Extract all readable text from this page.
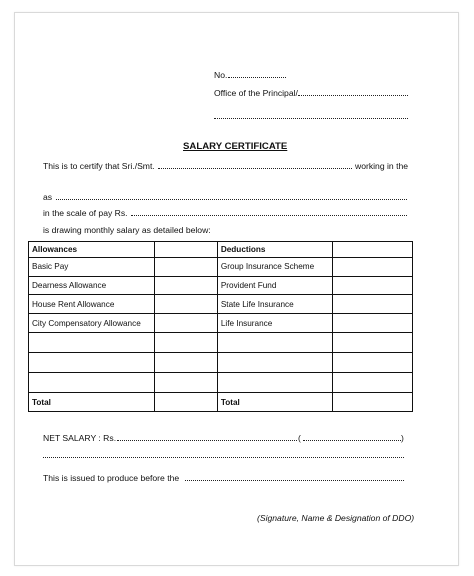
No.
Office of the Principal/
SALARY CERTIFICATE
This is to certify that Sri./Smt.	working in the
as
in the scale of pay Rs.
is drawing monthly salary as detailed below:
Allowances		Deductions	
Basic Pay		Group Insurance Scheme	
Dearness Allowance		Provident Fund	
House Rent Allowance		State Life Insurance	
City Compensatory Allowance		Life Insurance	

Total		Total	
NET SALARY : Rs.	(	)
This is issued to produce before the
(Signature, Name & Designation of DDO)
